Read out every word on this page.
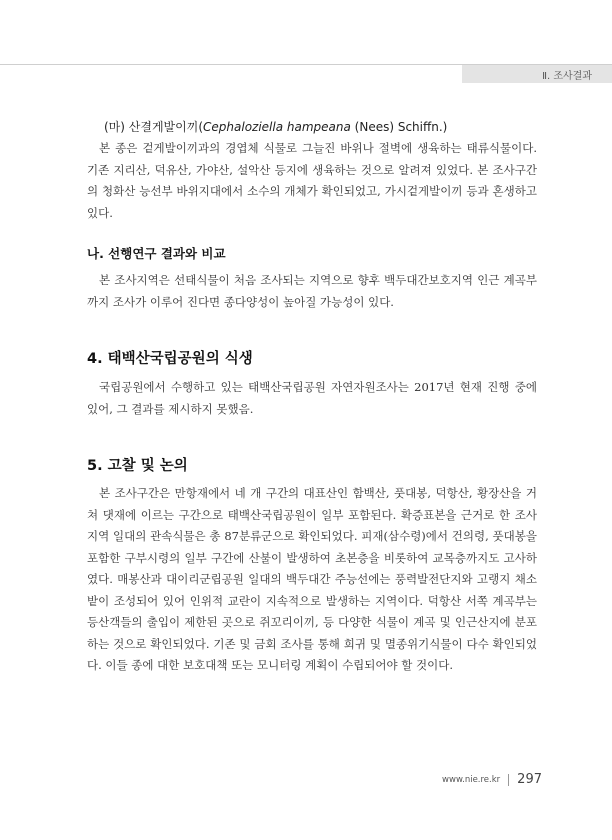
Ⅱ. 조사결과
(마) 산결게발이끼(Cephaloziella hampeana (Nees) Schiffn.)
본 종은 겉게발이끼과의 경엽체 식물로 그늘진 바위나 절벽에 생육하는 태류식물이다. 기존 지리산, 덕유산, 가야산, 설악산 등지에 생육하는 것으로 알려져 있었다. 본 조사구간의 청화산 능선부 바위지대에서 소수의 개체가 확인되었고, 가시겉게발이끼 등과 혼생하고 있다.
나. 선행연구 결과와 비교
본 조사지역은 선태식물이 처음 조사되는 지역으로 향후 백두대간보호지역 인근 계곡부까지 조사가 이루어 진다면 종다양성이 높아질 가능성이 있다.
4. 태백산국립공원의 식생
국립공원에서 수행하고 있는 태백산국립공원 자연자원조사는 2017년 현재 진행 중에 있어, 그 결과를 제시하지 못했음.
5. 고찰 및 논의
본 조사구간은 만항재에서 네 개 구간의 대표산인 함백산, 풋대봉, 덕항산, 황장산을 거쳐 댓재에 이르는 구간으로 태백산국립공원이 일부 포함된다. 확증표본을 근거로 한 조사지역 일대의 관속식물은 총 87분류군으로 확인되었다. 피재(삼수령)에서 건의령, 풋대봉을 포함한 구부시령의 일부 구간에 산불이 발생하여 초본층을 비롯하여 교목층까지도 고사하였다. 매봉산과 대이리군립공원 일대의 백두대간 주능선에는 풍력발전단지와 고랭지 채소밭이 조성되어 있어 인위적 교란이 지속적으로 발생하는 지역이다. 덕항산 서쪽 계곡부는 등산객들의 출입이 제한된 곳으로 쥐꼬리이끼, 등 다양한 식물이 계곡 및 인근산지에 분포하는 것으로 확인되었다. 기존 및 금회 조사를 통해 희귀 및 멸종위기식물이 다수 확인되었다. 이들 종에 대한 보호대책 또는 모니터링 계획이 수립되어야 할 것이다.
www.nie.re.kr 297
